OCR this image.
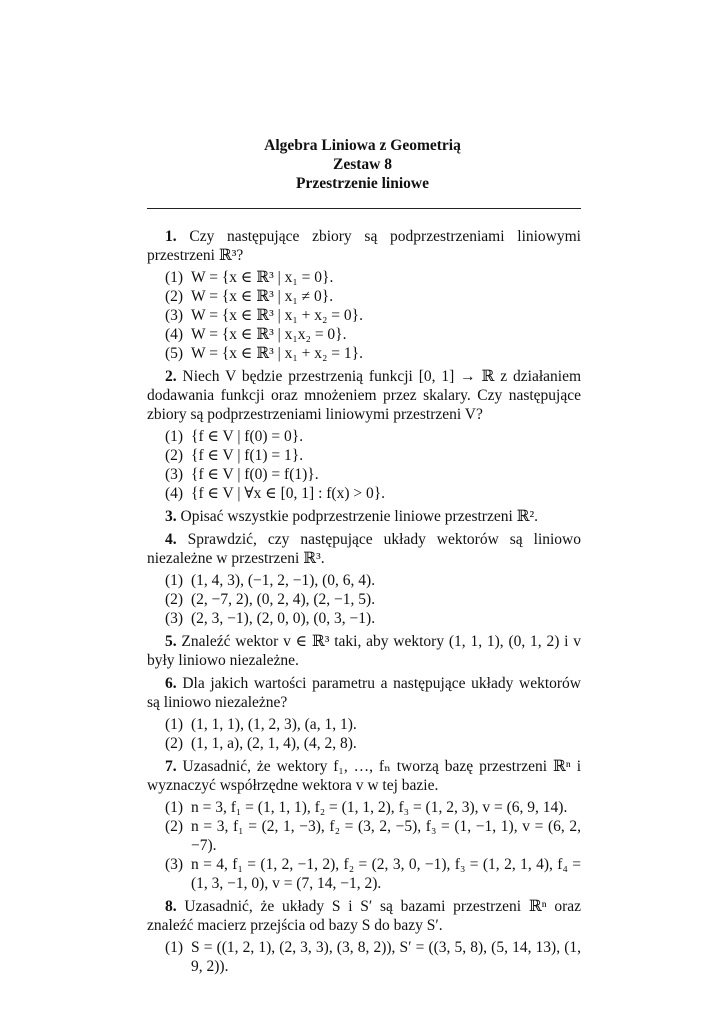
Algebra Liniowa z Geometrią
Zestaw 8
Przestrzenie liniowe

1. Czy następujące zbiory są podprzestrzeniami liniowymi przestrzeni ℝ³?

(1) W = {x ∈ ℝ³ | x₁ = 0}.
(2) W = {x ∈ ℝ³ | x₁ ≠ 0}.
(3) W = {x ∈ ℝ³ | x₁ + x₂ = 0}.
(4) W = {x ∈ ℝ³ | x₁x₂ = 0}.
(5) W = {x ∈ ℝ³ | x₁ + x₂ = 1}.

2. Niech V będzie przestrzenią funkcji [0, 1] → ℝ z działaniem dodawania funkcji oraz mnożeniem przez skalary. Czy następujące zbiory są podprzestrzeniami liniowymi przestrzeni V?

(1) {f ∈ V | f(0) = 0}.
(2) {f ∈ V | f(1) = 1}.
(3) {f ∈ V | f(0) = f(1)}.
(4) {f ∈ V | ∀x ∈ [0, 1] : f(x) > 0}.

3. Opisać wszystkie podprzestrzenie liniowe przestrzeni ℝ².

4. Sprawdzić, czy następujące układy wektorów są liniowo niezależne w przestrzeni ℝ³.

(1) (1, 4, 3), (−1, 2, −1), (0, 6, 4).
(2) (2, −7, 2), (0, 2, 4), (2, −1, 5).
(3) (2, 3, −1), (2, 0, 0), (0, 3, −1).

5. Znaleźć wektor v ∈ ℝ³ taki, aby wektory (1, 1, 1), (0, 1, 2) i v były liniowo niezależne.

6. Dla jakich wartości parametru a następujące układy wektorów są liniowo niezależne?

(1) (1, 1, 1), (1, 2, 3), (a, 1, 1).
(2) (1, 1, a), (2, 1, 4), (4, 2, 8).

7. Uzasadnić, że wektory f₁, …, fₙ tworzą bazę przestrzeni ℝⁿ i wyznaczyć współrzędne wektora v w tej bazie.

(1) n = 3, f₁ = (1, 1, 1), f₂ = (1, 1, 2), f₃ = (1, 2, 3), v = (6, 9, 14).
(2) n = 3, f₁ = (2, 1, −3), f₂ = (3, 2, −5), f₃ = (1, −1, 1), v = (6, 2, −7).
(3) n = 4, f₁ = (1, 2, −1, 2), f₂ = (2, 3, 0, −1), f₃ = (1, 2, 1, 4), f₄ = (1, 3, −1, 0), v = (7, 14, −1, 2).

8. Uzasadnić, że układy S i S′ są bazami przestrzeni ℝⁿ oraz znaleźć macierz przejścia od bazy S do bazy S′.

(1) S = ((1, 2, 1), (2, 3, 3), (3, 8, 2)), S′ = ((3, 5, 8), (5, 14, 13), (1, 9, 2)).
